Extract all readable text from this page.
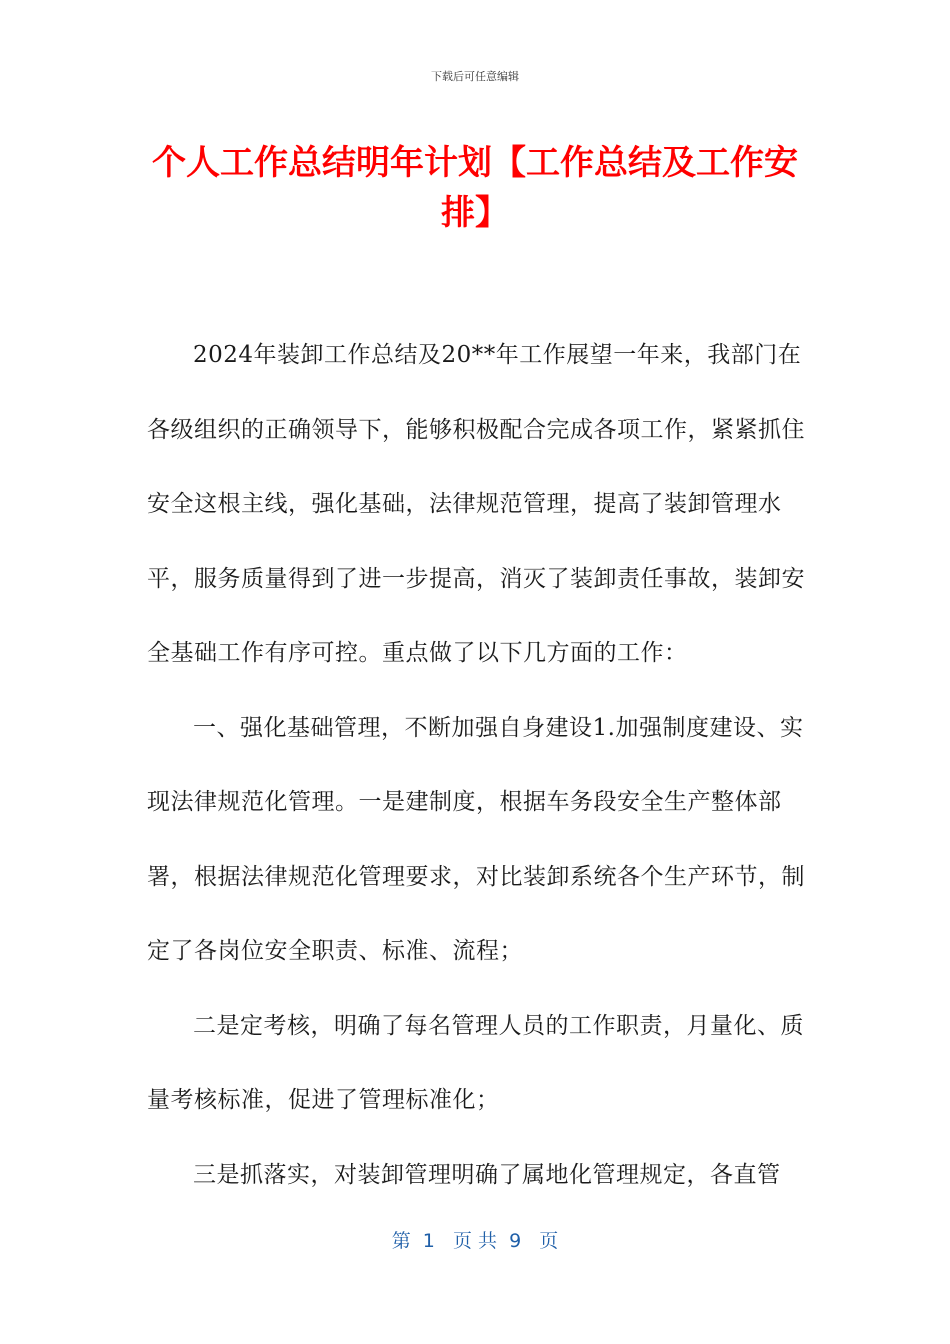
下载后可任意编辑
个人工作总结明年计划【工作总结及工作安排】

2024年装卸工作总结及20**年工作展望一年来，我部门在各级组织的正确领导下，能够积极配合完成各项工作，紧紧抓住安全这根主线，强化基础，法律规范管理，提高了装卸管理水平，服务质量得到了进一步提高，消灭了装卸责任事故，装卸安全基础工作有序可控。重点做了以下几方面的工作：

一、强化基础管理，不断加强自身建设1.加强制度建设、实现法律规范化管理。一是建制度，根据车务段安全生产整体部署，根据法律规范化管理要求，对比装卸系统各个生产环节，制定了各岗位安全职责、标准、流程；

二是定考核，明确了每名管理人员的工作职责，月量化、质量考核标准，促进了管理标准化；

三是抓落实，对装卸管理明确了属地化管理规定，各直管

第  1   页 共  9   页
